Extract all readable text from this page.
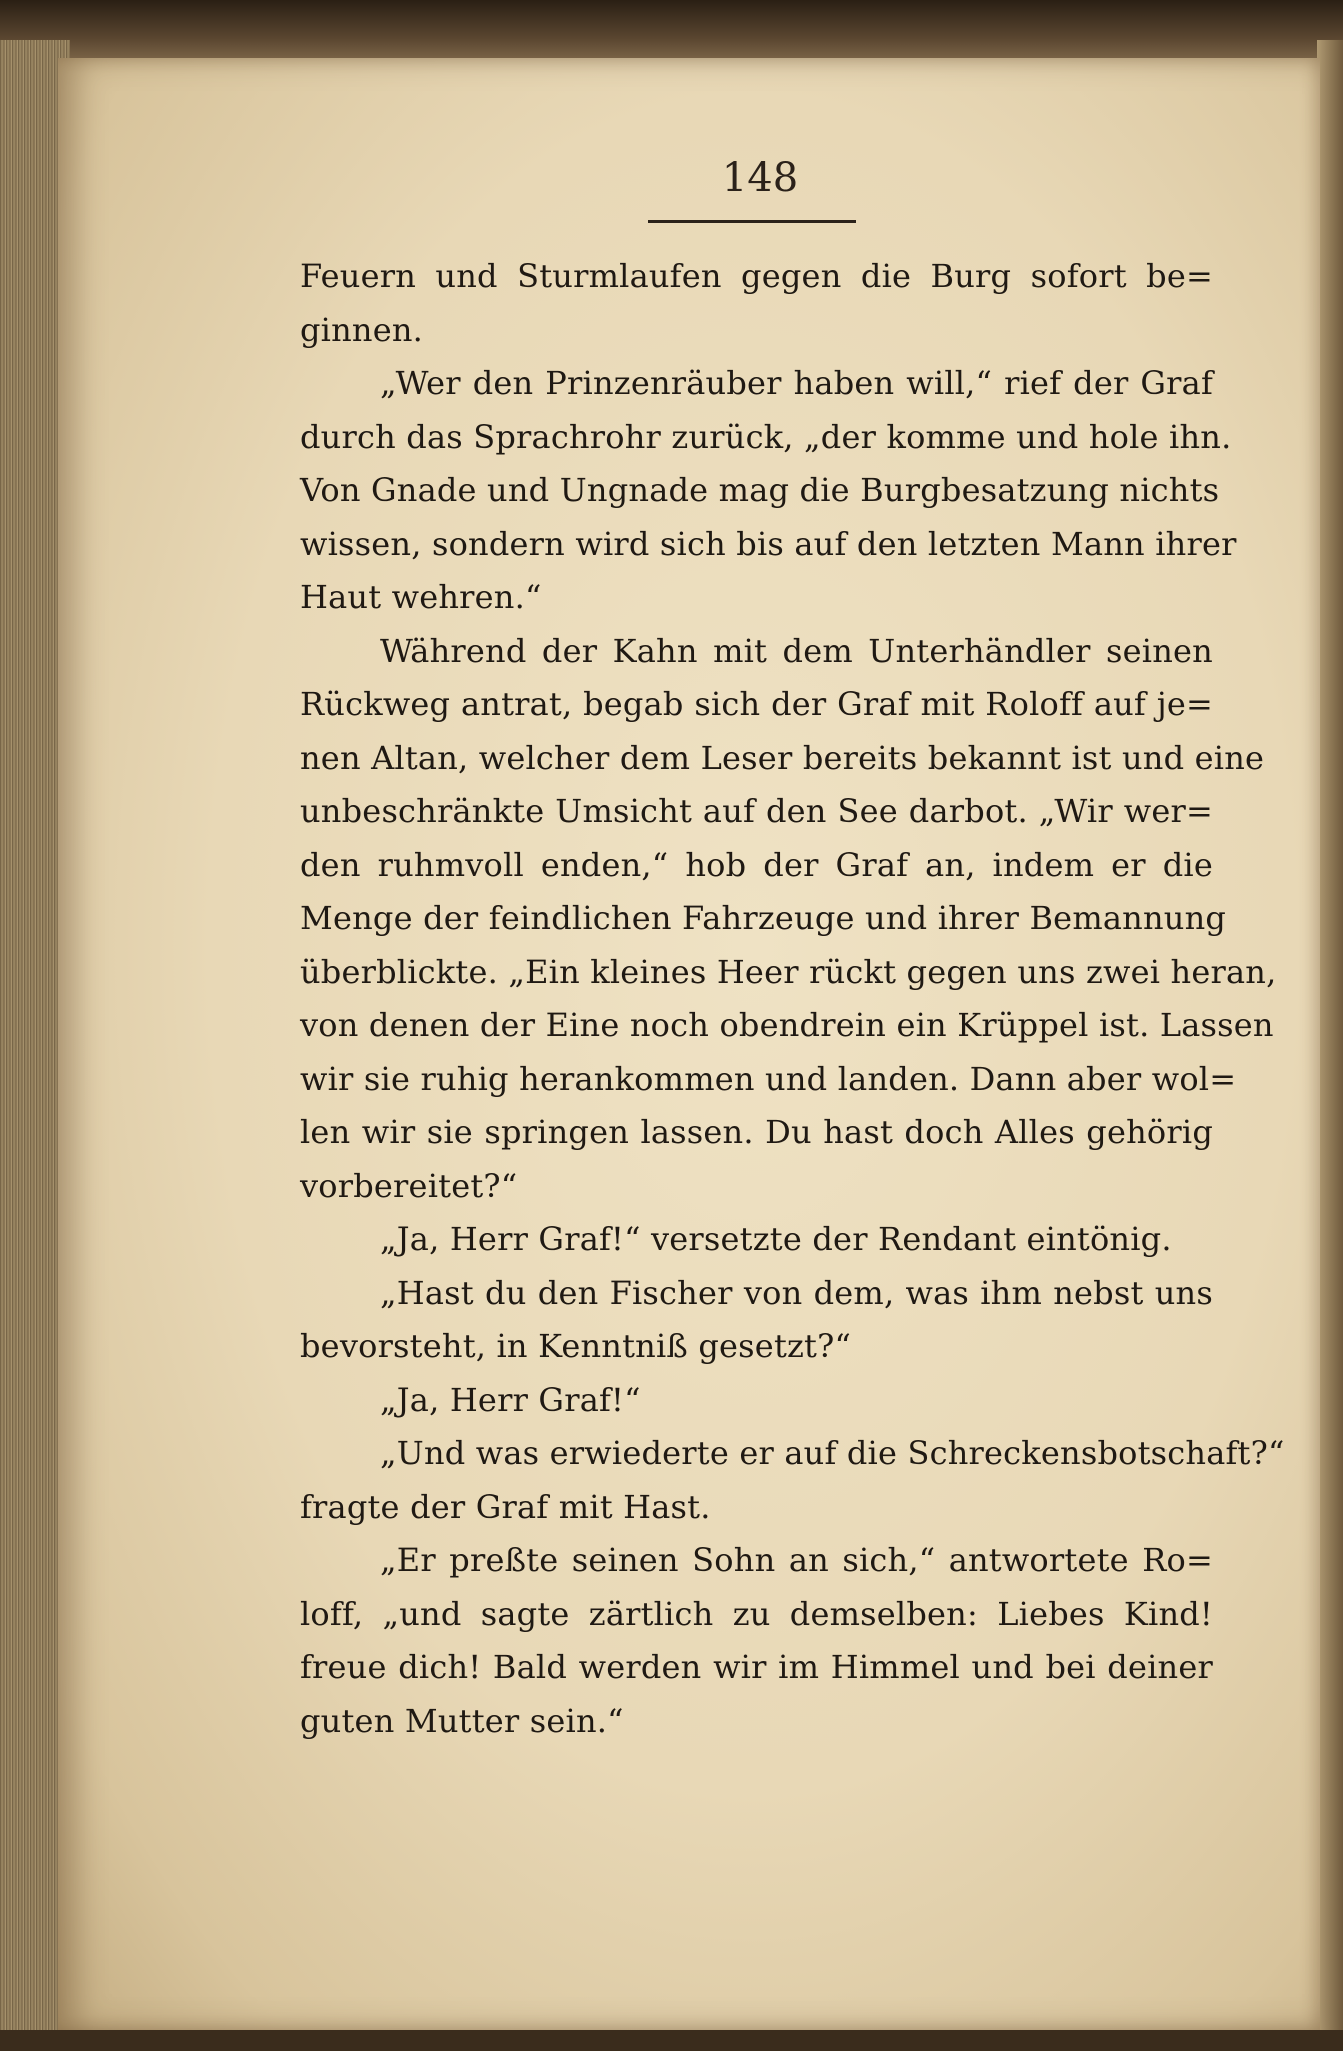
148
Feuern und Sturmlaufen gegen die Burg sofort be=
ginnen.
„Wer den Prinzenräuber haben will,“ rief der Graf
durch das Sprachrohr zurück, „der komme und hole ihn.
Von Gnade und Ungnade mag die Burgbesatzung nichts
wissen, sondern wird sich bis auf den letzten Mann ihrer
Haut wehren.“
Während der Kahn mit dem Unterhändler seinen
Rückweg antrat, begab sich der Graf mit Roloff auf je=
nen Altan, welcher dem Leser bereits bekannt ist und eine
unbeschränkte Umsicht auf den See darbot. „Wir wer=
den ruhmvoll enden,“ hob der Graf an, indem er die
Menge der feindlichen Fahrzeuge und ihrer Bemannung
überblickte. „Ein kleines Heer rückt gegen uns zwei heran,
von denen der Eine noch obendrein ein Krüppel ist. Lassen
wir sie ruhig herankommen und landen. Dann aber wol=
len wir sie springen lassen. Du hast doch Alles gehörig
vorbereitet?“
„Ja, Herr Graf!“ versetzte der Rendant eintönig.
„Hast du den Fischer von dem, was ihm nebst uns
bevorsteht, in Kenntniß gesetzt?“
„Ja, Herr Graf!“
„Und was erwiederte er auf die Schreckensbotschaft?“
fragte der Graf mit Hast.
„Er preßte seinen Sohn an sich,“ antwortete Ro=
loff, „und sagte zärtlich zu demselben: Liebes Kind!
freue dich! Bald werden wir im Himmel und bei deiner
guten Mutter sein.“
